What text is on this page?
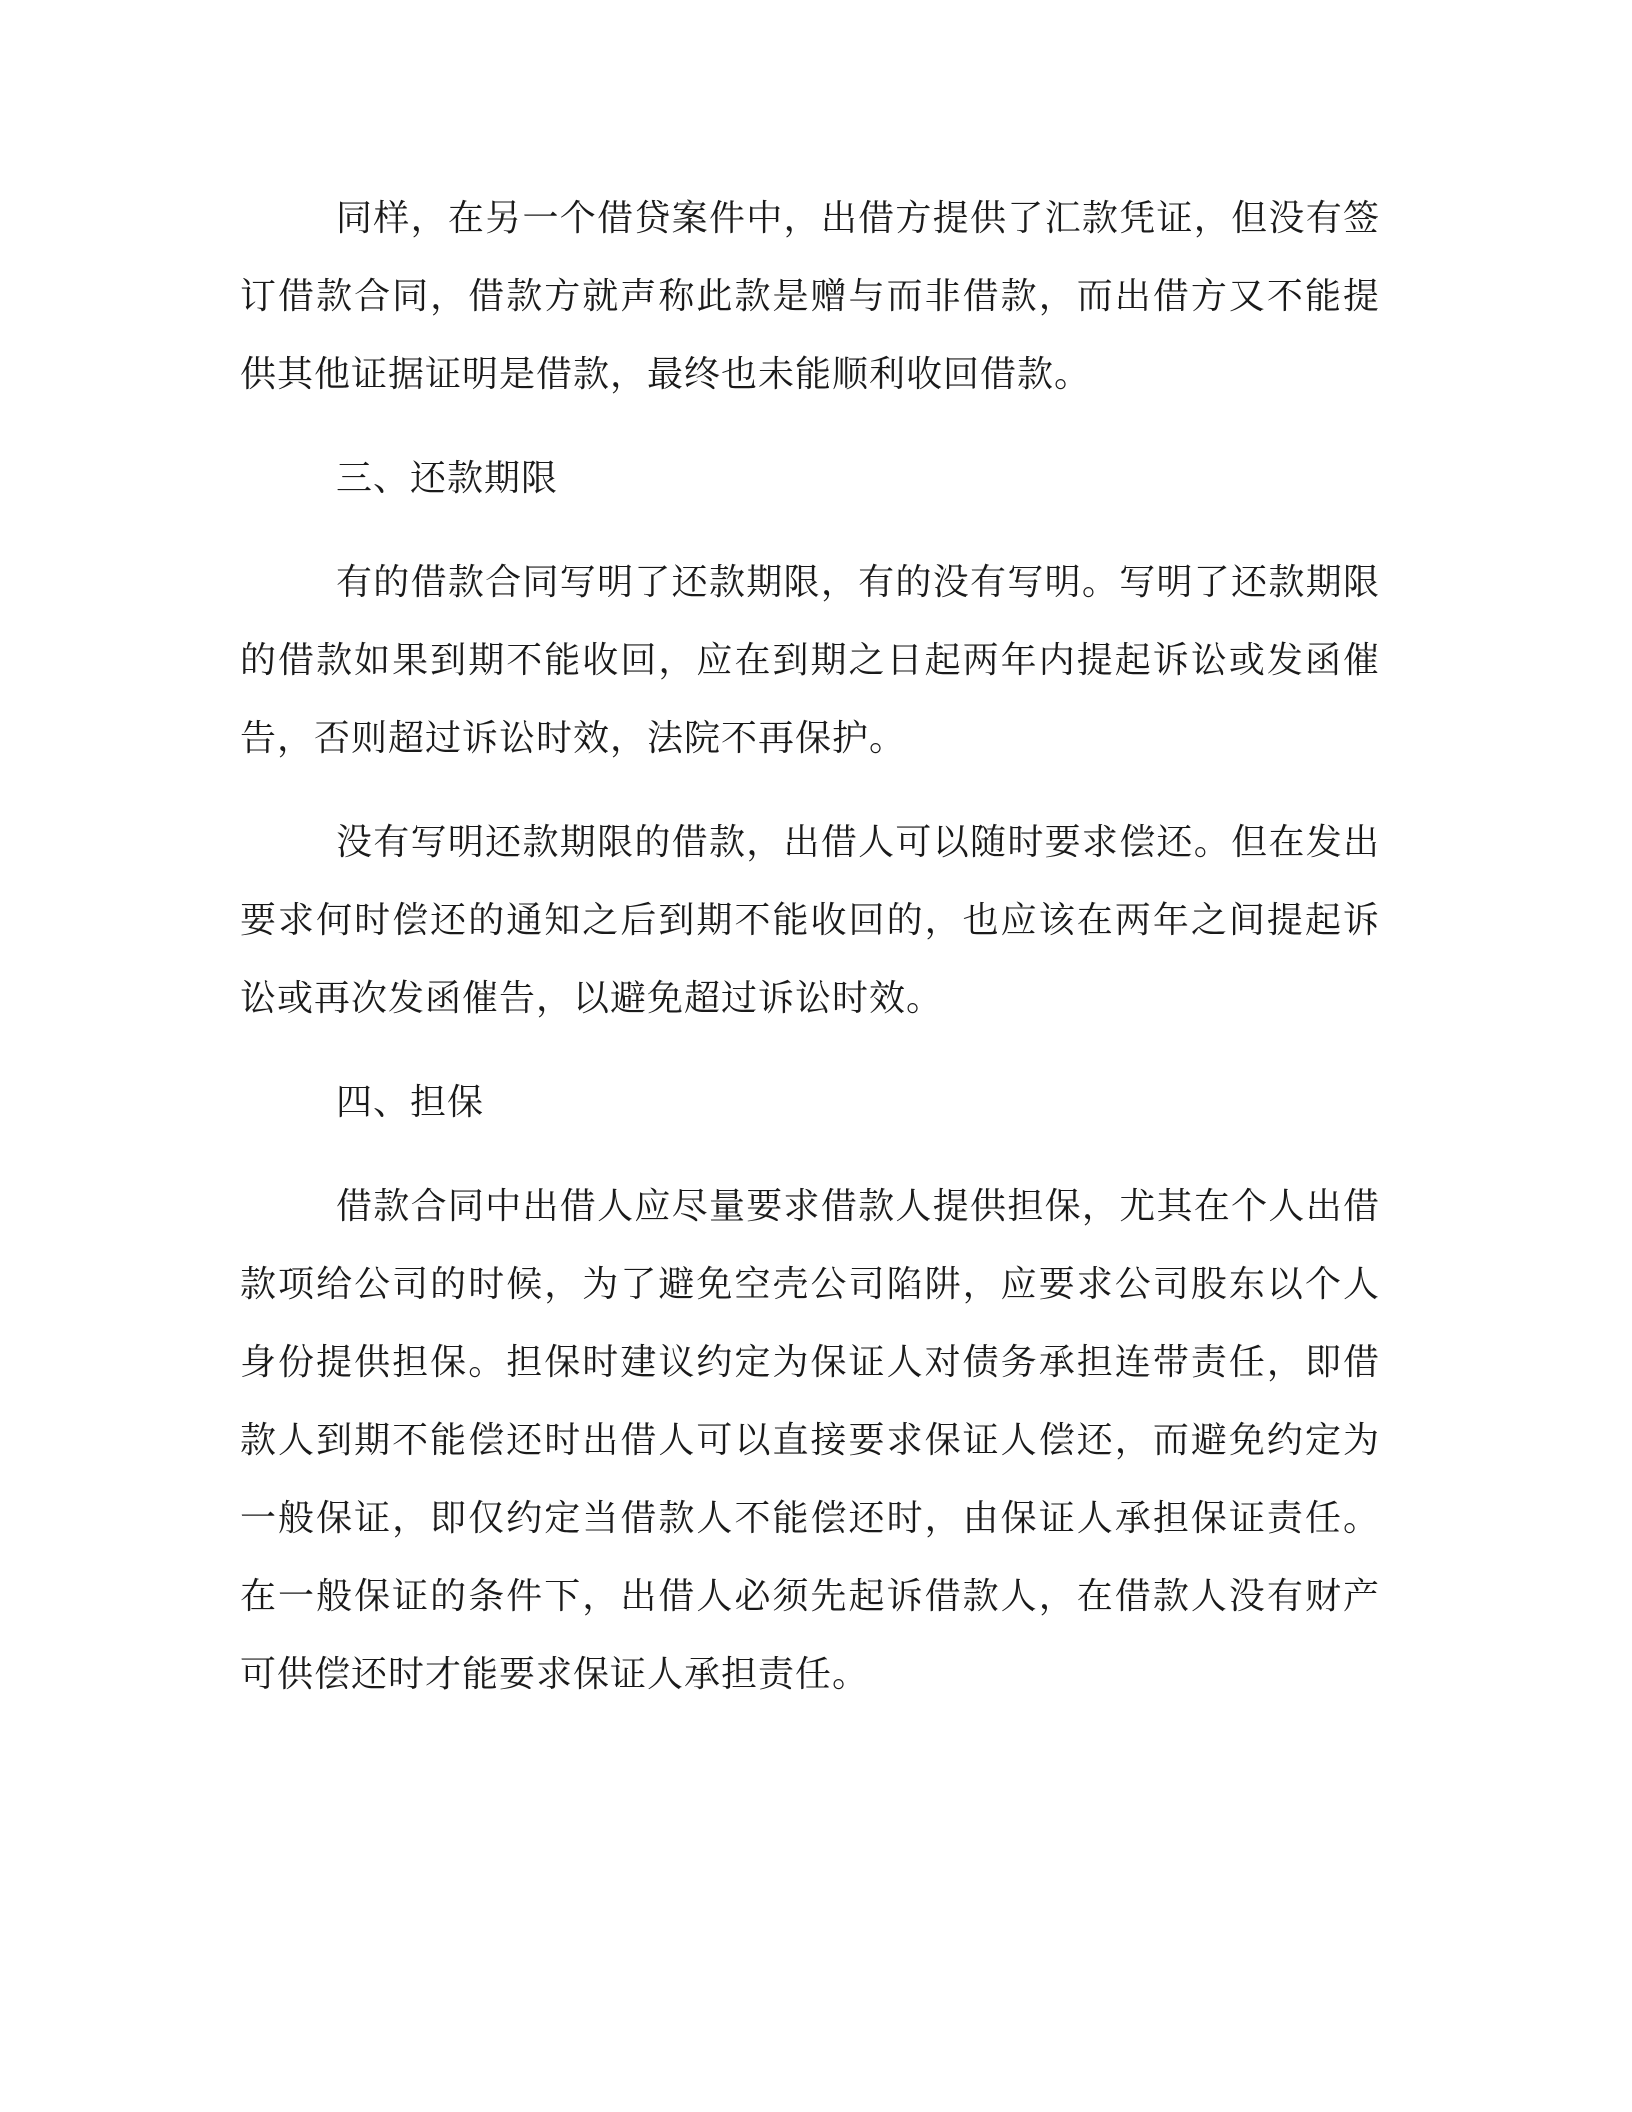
同样，在另一个借贷案件中，出借方提供了汇款凭证，但没有签订借款合同，借款方就声称此款是赠与而非借款，而出借方又不能提供其他证据证明是借款，最终也未能顺利收回借款。

三、还款期限

有的借款合同写明了还款期限，有的没有写明。写明了还款期限的借款如果到期不能收回，应在到期之日起两年内提起诉讼或发函催告，否则超过诉讼时效，法院不再保护。

没有写明还款期限的借款，出借人可以随时要求偿还。但在发出要求何时偿还的通知之后到期不能收回的，也应该在两年之间提起诉讼或再次发函催告，以避免超过诉讼时效。

四、担保

借款合同中出借人应尽量要求借款人提供担保，尤其在个人出借款项给公司的时候，为了避免空壳公司陷阱，应要求公司股东以个人身份提供担保。担保时建议约定为保证人对债务承担连带责任，即借款人到期不能偿还时出借人可以直接要求保证人偿还，而避免约定为一般保证，即仅约定当借款人不能偿还时，由保证人承担保证责任。在一般保证的条件下，出借人必须先起诉借款人，在借款人没有财产可供偿还时才能要求保证人承担责任。
